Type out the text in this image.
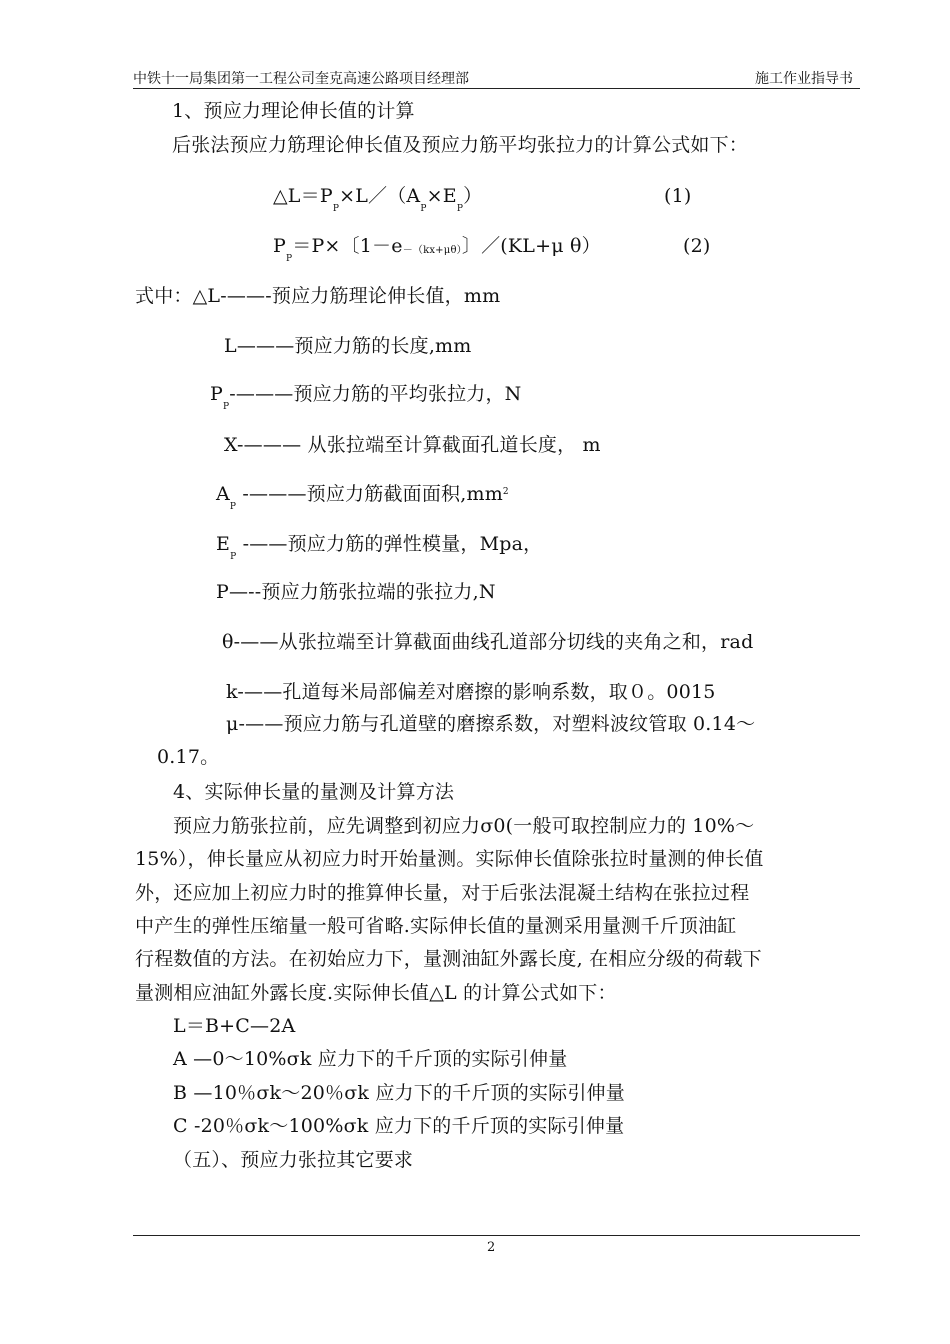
中铁十一局集团第一工程公司奎克高速公路项目经理部	施工作业指导书
1、预应力理论伸长值的计算
后张法预应力筋理论伸长值及预应力筋平均张拉力的计算公式如下：
$\triangle L=P_P\times L/(A_P\times E_P)$	(1)
$P_P=P\times$〔1－e－（kx+μθ）〕／(KL+μ θ）	(2)
式中：△L-——-预应力筋理论伸长值，mm
L———预应力筋的长度,mm
$P_P-———$预应力筋的平均张拉力，N
X-——— 从张拉端至计算截面孔道长度， m
$A_P$ -———预应力筋截面面积$,mm^2$
$E_P$ -——预应力筋的弹性模量，Mpa，
P—--预应力筋张拉端的张拉力,N
θ-——从张拉端至计算截面曲线孔道部分切线的夹角之和，rad
k-——孔道每米局部偏差对磨擦的影响系数，取０。0015
μ-——预应力筋与孔道壁的磨擦系数，对塑料波纹管取 0.14～
0.17。
4、实际伸长量的量测及计算方法
预应力筋张拉前，应先调整到初应力σ0(一般可取控制应力的 10%～
15%），伸长量应从初应力时开始量测。实际伸长值除张拉时量测的伸长值
外，还应加上初应力时的推算伸长量，对于后张法混凝土结构在张拉过程
中产生的弹性压缩量一般可省略.实际伸长值的量测采用量测千斤顶油缸
行程数值的方法。在初始应力下，量测油缸外露长度, 在相应分级的荷载下
量测相应油缸外露长度.实际伸长值△L 的计算公式如下：
L＝B+C—2A
A —0～10%σk 应力下的千斤顶的实际引伸量
B —10％σk～20％σk 应力下的千斤顶的实际引伸量
C -20％σk～100%σk 应力下的千斤顶的实际引伸量
（五）、预应力张拉其它要求
2
